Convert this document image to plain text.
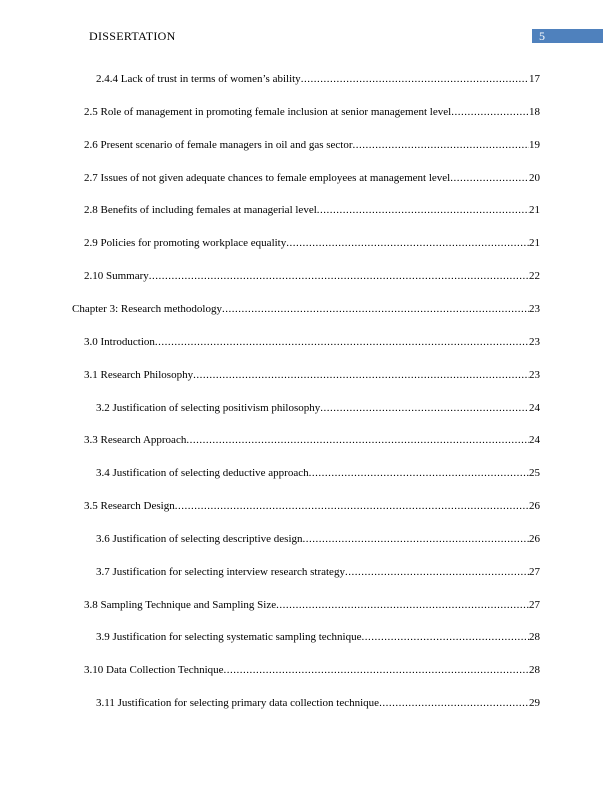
DISSERTATION	5
2.4.4 Lack of trust in terms of women’s ability .....	17
2.5 Role of management in promoting female inclusion at senior management level .....	18
2.6 Present scenario of female managers in oil and gas sector .....	19
2.7 Issues of not given adequate chances to female employees at management level .....	20
2.8 Benefits of including females at managerial level .....	21
2.9 Policies for promoting workplace equality .....	21
2.10 Summary .....	22
Chapter 3: Research methodology .....	23
3.0 Introduction .....	23
3.1 Research Philosophy .....	23
3.2 Justification of selecting positivism philosophy .....	24
3.3 Research Approach .....	24
3.4 Justification of selecting deductive approach .....	25
3.5 Research Design .....	26
3.6 Justification of selecting descriptive design .....	26
3.7 Justification for selecting interview research strategy .....	27
3.8 Sampling Technique and Sampling Size .....	27
3.9 Justification for selecting systematic sampling technique .....	28
3.10 Data Collection Technique .....	28
3.11 Justification for selecting primary data collection technique .....	29
